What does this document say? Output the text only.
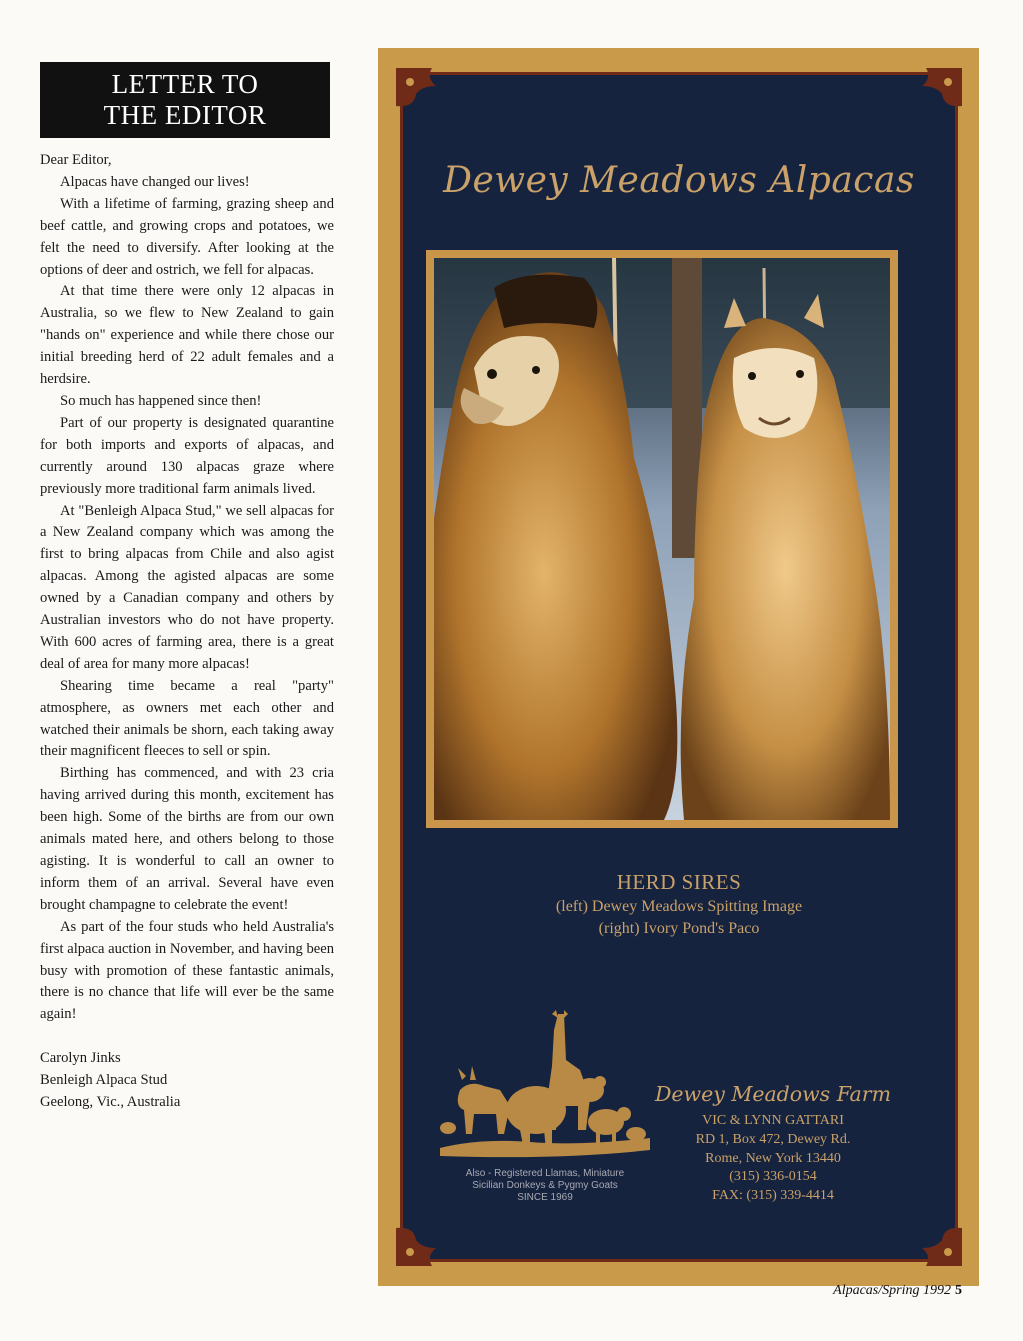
LETTER TO
THE EDITOR

Dear Editor,

Alpacas have changed our lives!

With a lifetime of farming, grazing sheep and beef cattle, and growing crops and potatoes, we felt the need to diversify. After looking at the options of deer and ostrich, we fell for alpacas.

At that time there were only 12 alpacas in Australia, so we flew to New Zealand to gain "hands on" experience and while there chose our initial breeding herd of 22 adult females and a herdsire.

So much has happened since then!

Part of our property is designated quarantine for both imports and exports of alpacas, and currently around 130 alpacas graze where previously more traditional farm animals lived.

At "Benleigh Alpaca Stud," we sell alpacas for a New Zealand company which was among the first to bring alpacas from Chile and also agist alpacas. Among the agisted alpacas are some owned by a Canadian company and others by Australian investors who do not have property. With 600 acres of farming area, there is a great deal of area for many more alpacas!

Shearing time became a real "party" atmosphere, as owners met each other and watched their animals be shorn, each taking away their magnificent fleeces to sell or spin.

Birthing has commenced, and with 23 cria having arrived during this month, excitement has been high. Some of the births are from our own animals mated here, and others belong to those agisting. It is wonderful to call an owner to inform them of an arrival. Several have even brought champagne to celebrate the event!

As part of the four studs who held Australia's first alpaca auction in November, and having been busy with promotion of these fantastic animals, there is no chance that life will ever be the same again!

Carolyn Jinks
Benleigh Alpaca Stud
Geelong, Vic., Australia

Dewey Meadows Alpacas
HERD SIRES
(left) Dewey Meadows Spitting Image
(right) Ivory Pond's Paco
Also - Registered Llamas, Miniature
Sicilian Donkeys & Pygmy Goats
SINCE 1969
Dewey Meadows Farm
VIC & LYNN GATTARI
RD 1, Box 472, Dewey Rd.
Rome, New York 13440
(315) 336-0154
FAX: (315) 339-4414
Alpacas/Spring 1992 5
